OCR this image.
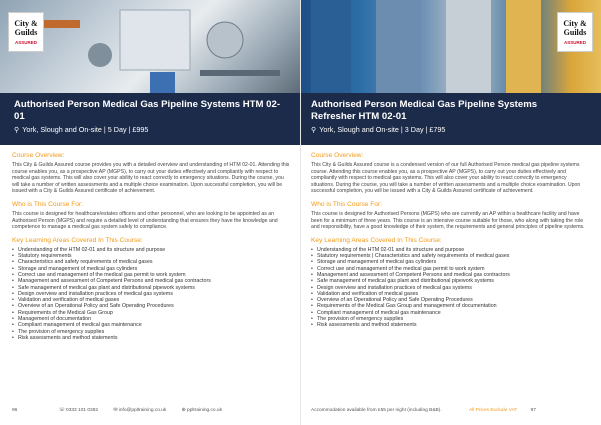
City &
Guilds
ASSURED
Authorised Person Medical Gas Pipeline Systems HTM 02-01
⚲ York, Slough and On-site | 5 Day | £995
Course Overview:

This City & Guilds Assured course provides you with a detailed overview and understanding of HTM 02-01. Attending this course enables you, as a prospective AP (MGPS), to carry out your duties effectively and compliantly with respect to medical gas systems. This will also cover your ability to react correctly to emergency situations. During the course, you will take a number of written assessments and a multiple choice examination. Upon successful completion, you will be issued with a City & Guilds Assured certificate of achievement.

Who is This Course For:

This course is designed for healthcare/estates officers and other personnel, who are looking to be appointed as an Authorised Person (MGPS) and require a detailed level of understanding that ensures they have the knowledge and competence to manage a medical gas system safely to compliance.

Key Learning Areas Covered In This Course:
• Understanding of the HTM 02-01 and its structure and purpose
• Statutory requirements
• Characteristics and safety requirements of medical gases
• Storage and management of medical gas cylinders
• Correct use and management of the medical gas permit to work system
• Management and assessment of Competent Persons and medical gas contractors
• Safe management of medical gas plant and distributional pipework systems
• Design overview and installation practices of medical gas systems
• Validation and verification of medical gases
• Overview of an Operational Policy and Safe Operating Procedures
• Requirements of the Medical Gas Group
• Management of documentation
• Compliant management of medical gas maintenance
• The provision of emergency supplies
• Risk assessments and method statements
96	☏ 0333 101 0382	✉ info@ppltraining.co.uk	⊕ ppltraining.co.uk
City &
Guilds
ASSURED
Authorised Person Medical Gas Pipeline Systems Refresher HTM 02-01
⚲ York, Slough and On-site | 3 Day | £795
Course Overview:

This City & Guilds Assured course is a condensed version of our full Authorised Person medical gas pipeline systems course. Attending this course enables you, as a prospective AP (MGPS), to carry out your duties effectively and compliantly with respect to medical gas systems. This will also cover your ability to react correctly to emergency situations. During the course, you will take a number of written assessments and a multiple choice examination. Upon successful completion, you will be issued with a City & Guilds Assured certificate of achievement.

Who is This Course For:

This course is designed for Authorised Persons (MGPS) who are currently an AP within a healthcare facility and have been for a minimum of three years. This course is an intensive course suitable for those, who along with taking the role and responsibility, have a good knowledge of their system, the requirements and general principles of pipeline systems.

Key Learning Areas Covered In This Course:
• Understanding of the HTM 02-01 and its structure and purpose
• Statutory requirements | Characteristics and safety requirements of medical gases
• Storage and management of medical gas cylinders
• Correct use and management of the medical gas permit to work system
• Management and assessment of Competent Persons and medical gas contractors
• Safe management of medical gas plant and distributional pipework systems
• Design overview and installation practices of medical gas systems
• Validation and verification of medical gases
• Overview of an Operational Policy and Safe Operating Procedures
• Requirements of the Medical Gas Group and management of documentation
• Compliant management of medical gas maintenance
• The provision of emergency supplies
• Risk assessments and method statements
Accommodation available from £55 per night (including B&B).	All Prices Exclude VAT	97
